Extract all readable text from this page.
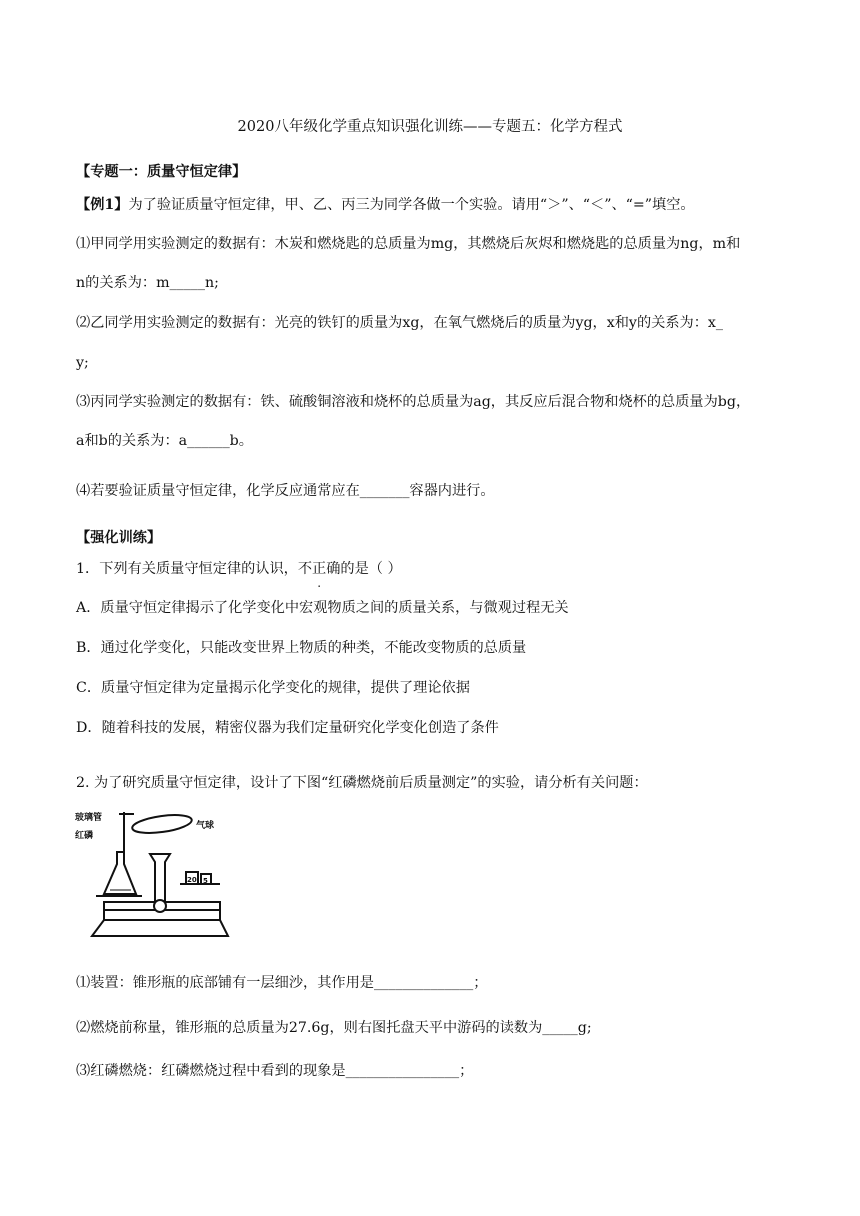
2020八年级化学重点知识强化训练——专题五：化学方程式
【专题一：质量守恒定律】
【例1】为了验证质量守恒定律，甲、乙、丙三为同学各做一个实验。请用“＞”、“＜”、“=”填空。
⑴甲同学用实验测定的数据有：木炭和燃烧匙的总质量为mg，其燃烧后灰烬和燃烧匙的总质量为ng，m和
n的关系为：m_____n;
⑵乙同学用实验测定的数据有：光亮的铁钉的质量为xg，在氧气燃烧后的质量为yg，x和y的关系为：x_
y;
⑶丙同学实验测定的数据有：铁、硫酸铜溶液和烧杯的总质量为ag，其反应后混合物和烧杯的总质量为bg，
a和b的关系为：a______b。
⑷若要验证质量守恒定律，化学反应通常应在_______容器内进行。
【强化训练】
1．下列有关质量守恒定律的认识，不正确的是（ ）
A．质量守恒定律揭示了化学变化中宏观物质之间的质量关系，与微观过程无关
B．通过化学变化，只能改变世界上物质的种类，不能改变物质的总质量
C．质量守恒定律为定量揭示化学变化的规律，提供了理论依据
D．随着科技的发展，精密仪器为我们定量研究化学变化创造了条件
2. 为了研究质量守恒定律，设计了下图“红磷燃烧前后质量测定”的实验，请分析有关问题：
玻璃管
气球
红磷
20 5
⑴装置：锥形瓶的底部铺有一层细沙，其作用是______________；
⑵燃烧前称量，锥形瓶的总质量为27.6g，则右图托盘天平中游码的读数为_____g;
⑶红磷燃烧：红磷燃烧过程中看到的现象是________________；
